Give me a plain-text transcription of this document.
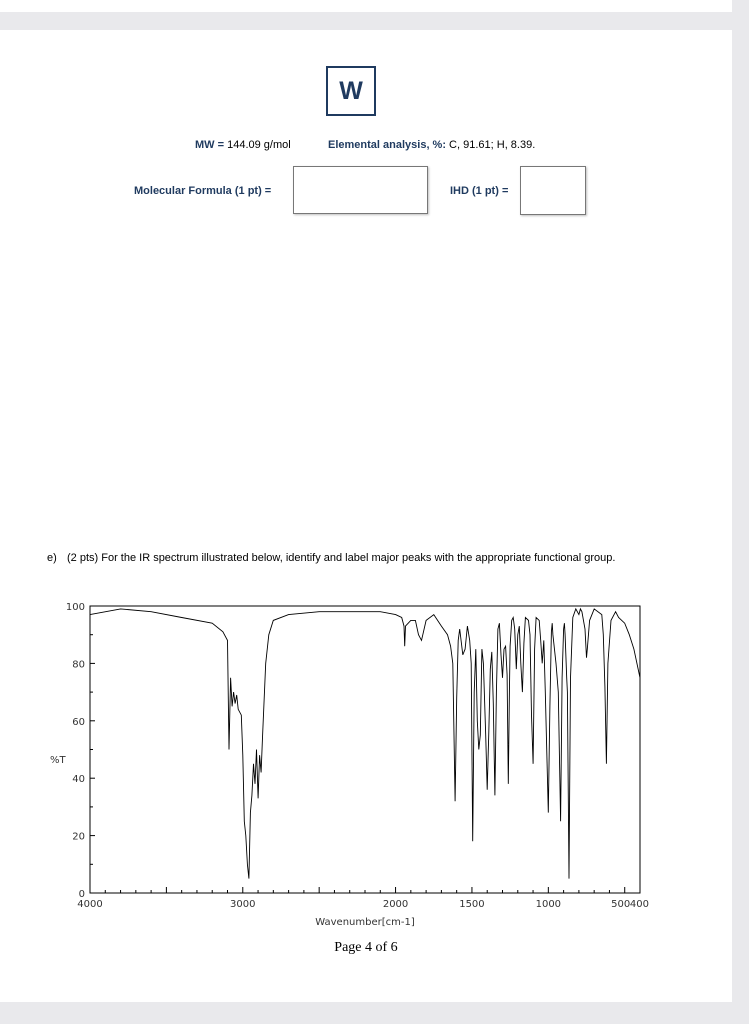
W
MW = 144.09 g/mol	Elemental analysis, %: C, 91.61; H, 8.39.
Molecular Formula (1 pt) =	IHD (1 pt) =
e) (2 pts) For the IR spectrum illustrated below, identify and label major peaks with the appropriate functional group.
0
20
40
60
80
100
4000	3000	2000	1500	1000	500 400
%T
Wavenumber[cm-1]
Page 4 of 6
